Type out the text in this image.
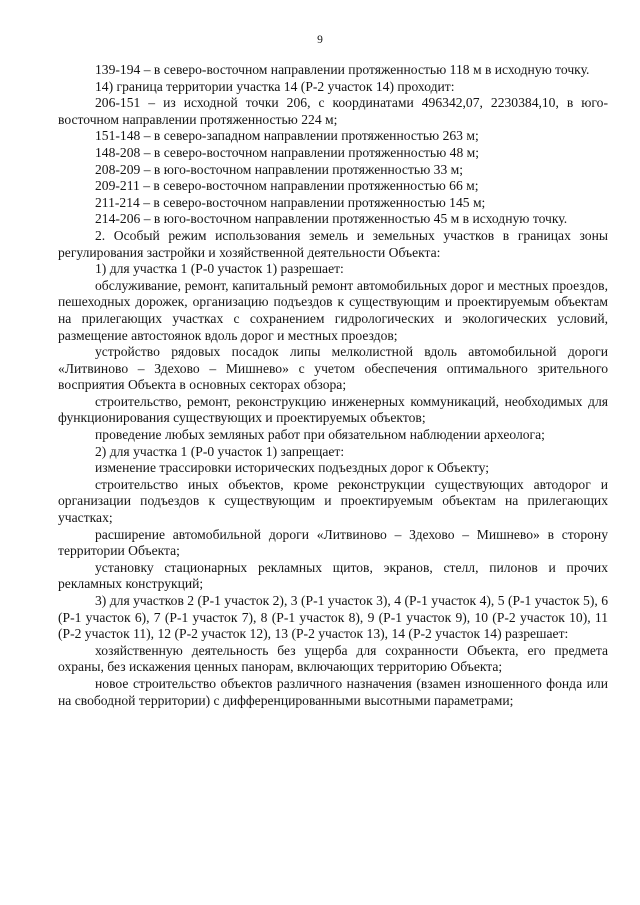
9

139-194 – в северо-восточном направлении протяженностью 118 м в исходную точку.

14) граница территории участка 14 (Р-2 участок 14) проходит:

206-151 – из исходной точки 206, с координатами 496342,07, 2230384,10, в юго-восточном направлении протяженностью 224 м;

151-148 – в северо-западном направлении протяженностью 263 м;

148-208 – в северо-восточном направлении протяженностью 48 м;

208-209 – в юго-восточном направлении протяженностью 33 м;

209-211 – в северо-восточном направлении протяженностью 66 м;

211-214 – в северо-восточном направлении протяженностью 145 м;

214-206 – в юго-восточном направлении протяженностью 45 м в исходную точку.

2. Особый режим использования земель и земельных участков в границах зоны регулирования застройки и хозяйственной деятельности Объекта:

1) для участка 1 (Р-0 участок 1) разрешает:

обслуживание, ремонт, капитальный ремонт автомобильных дорог и местных проездов, пешеходных дорожек, организацию подъездов к существующим и проектируемым объектам на прилегающих участках с сохранением гидрологических и экологических условий, размещение автостоянок вдоль дорог и местных проездов;

устройство рядовых посадок липы мелколистной вдоль автомобильной дороги «Литвиново – Здехово – Мишнево» с учетом обеспечения оптимального зрительного восприятия Объекта в основных секторах обзора;

строительство, ремонт, реконструкцию инженерных коммуникаций, необходимых для функционирования существующих и проектируемых объектов;

проведение любых земляных работ при обязательном наблюдении археолога;

2) для участка 1 (Р-0 участок 1) запрещает:

изменение трассировки исторических подъездных дорог к Объекту;

строительство иных объектов, кроме реконструкции существующих автодорог и организации подъездов к существующим и проектируемым объектам на прилегающих участках;

расширение автомобильной дороги «Литвиново – Здехово – Мишнево» в сторону территории Объекта;

установку стационарных рекламных щитов, экранов, стелл, пилонов и прочих рекламных конструкций;

3) для участков 2 (Р-1 участок 2), 3 (Р-1 участок 3), 4 (Р-1 участок 4), 5 (Р-1 участок 5), 6 (Р-1 участок 6), 7 (Р-1 участок 7), 8 (Р-1 участок 8), 9 (Р-1 участок 9), 10 (Р-2 участок 10), 11 (Р-2 участок 11), 12 (Р-2 участок 12), 13 (Р-2 участок 13), 14 (Р-2 участок 14) разрешает:

хозяйственную деятельность без ущерба для сохранности Объекта, его предмета охраны, без искажения ценных панорам, включающих территорию Объекта;

новое строительство объектов различного назначения (взамен изношенного фонда или на свободной территории) с дифференцированными высотными параметрами;
